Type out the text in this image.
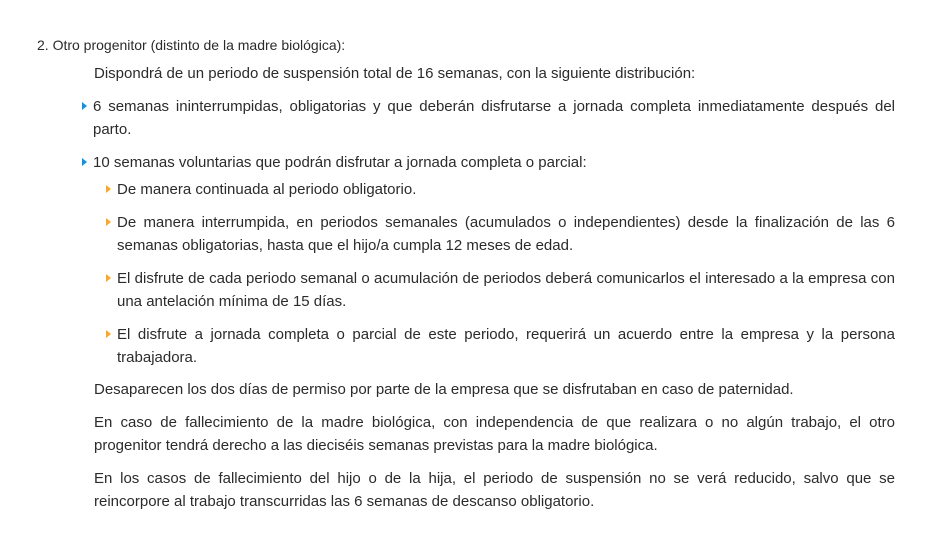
2. Otro progenitor (distinto de la madre biológica):

Dispondrá de un periodo de suspensión total de 16 semanas, con la siguiente distribución:

6 semanas ininterrumpidas, obligatorias y que deberán disfrutarse a jornada completa inmediatamente después del parto.

10 semanas voluntarias que podrán disfrutar a jornada completa o parcial:

De manera continuada al periodo obligatorio.

De manera interrumpida, en periodos semanales (acumulados o independientes) desde la finalización de las 6 semanas obligatorias, hasta que el hijo/a cumpla 12 meses de edad.

El disfrute de cada periodo semanal o acumulación de periodos deberá comunicarlos el interesado a la empresa con una antelación mínima de 15 días.

El disfrute a jornada completa o parcial de este periodo, requerirá un acuerdo entre la empresa y la persona trabajadora.

Desaparecen los dos días de permiso por parte de la empresa que se disfrutaban en caso de paternidad.

En caso de fallecimiento de la madre biológica, con independencia de que realizara o no algún trabajo, el otro progenitor tendrá derecho a las dieciséis semanas previstas para la madre biológica.

En los casos de fallecimiento del hijo o de la hija, el periodo de suspensión no se verá reducido, salvo que se reincorpore al trabajo transcurridas las 6 semanas de descanso obligatorio.
